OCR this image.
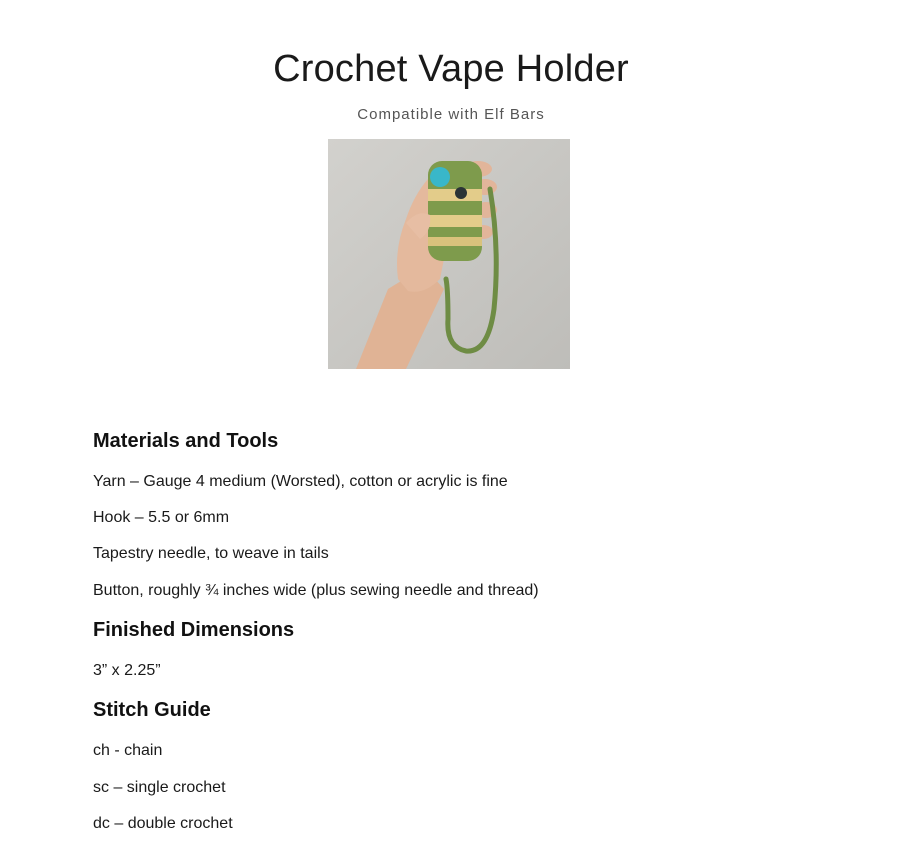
Crochet Vape Holder

Compatible with Elf Bars

Materials and Tools

Yarn – Gauge 4 medium (Worsted), cotton or acrylic is fine

Hook – 5.5 or 6mm

Tapestry needle, to weave in tails

Button, roughly ¾ inches wide (plus sewing needle and thread)

Finished Dimensions

3” x 2.25”

Stitch Guide

ch - chain

sc – single crochet

dc – double crochet
